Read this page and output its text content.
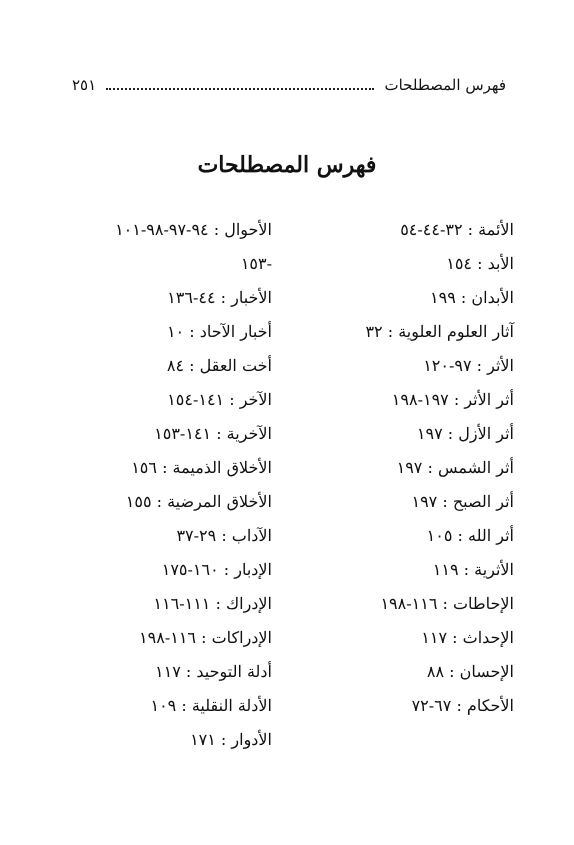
فهرس المصطلحات
٢٥١
فهرس المصطلحات
الأئمة : ٣٢-٤٤-٥٤
الأبد : ١٥٤
الأبدان : ١٩٩
آثار العلوم العلوية : ٣٢
الأثر : ٩٧-١٢٠
أثر الأثر : ١٩٧-١٩٨
أثر الأزل : ١٩٧
أثر الشمس : ١٩٧
أثر الصبح : ١٩٧
أثر الله : ١٠٥
الأثرية : ١١٩
الإحاطات : ١١٦-١٩٨
الإحداث : ١١٧
الإحسان : ٨٨
الأحكام : ٦٧-٧٢
الأحوال : ٩٤-٩٧-٩٨-١٠١
-١٥٣
الأخبار : ٤٤-١٣٦
أخبار الآحاد : ١٠
أخت العقل : ٨٤
الآخر : ١٤١-١٥٤
الآخرية : ١٤١-١٥٣
الأخلاق الذميمة : ١٥٦
الأخلاق المرضية : ١٥٥
الآداب : ٢٩-٣٧
الإدبار : ١٦٠-١٧٥
الإدراك : ١١١-١١٦
الإدراكات : ١١٦-١٩٨
أدلة التوحيد : ١١٧
الأدلة النقلية : ١٠٩
الأدوار : ١٧١
